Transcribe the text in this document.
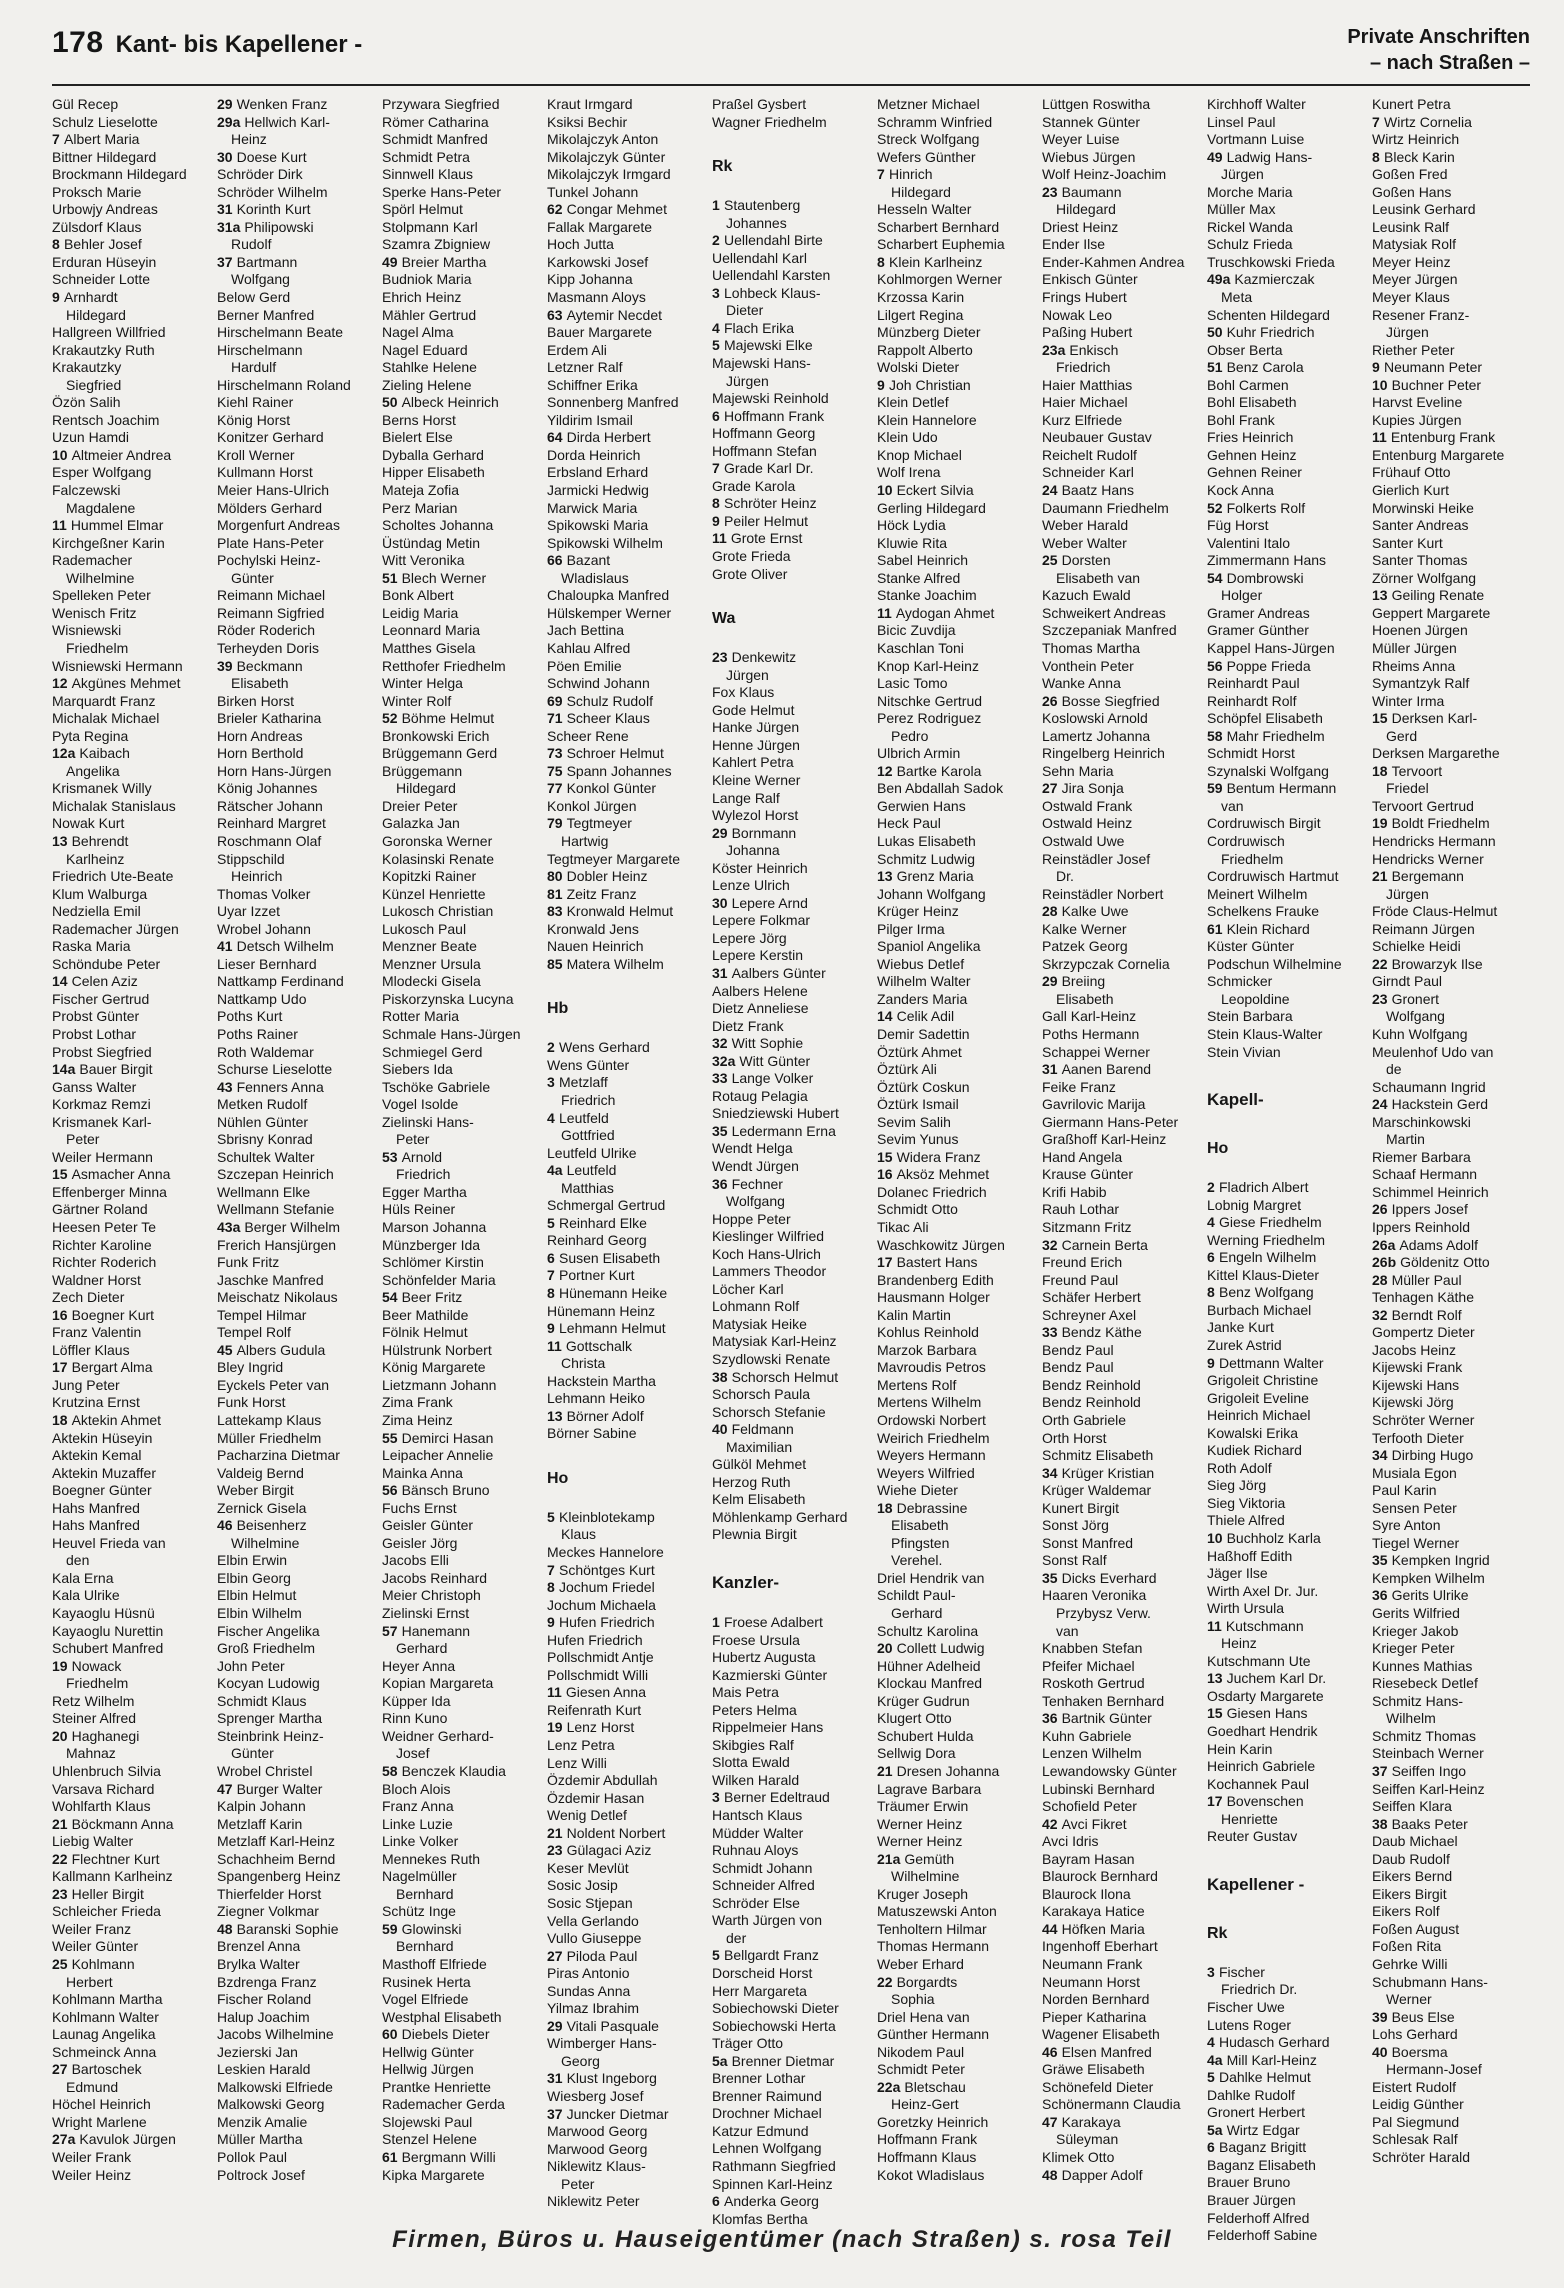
178 Kant- bis Kapellener -	Private Anschriften
– nach Straßen –
Gül Recep
Schulz Lieselotte
7 Albert Maria
Bittner Hildegard
Brockmann Hildegard
Proksch Marie
Urbowjy Andreas
Zülsdorf Klaus
8 Behler Josef
Erduran Hüseyin
Schneider Lotte
9 Arnhardt
Hildegard
Hallgreen Willfried
Krakautzky Ruth
Krakautzky
Siegfried
Özön Salih
Rentsch Joachim
Uzun Hamdi
10 Altmeier Andrea
Esper Wolfgang
Falczewski
Magdalene
11 Hummel Elmar
Kirchgeßner Karin
Rademacher
Wilhelmine
Spelleken Peter
Wenisch Fritz
Wisniewski
Friedhelm
Wisniewski Hermann
12 Akgünes Mehmet
Marquardt Franz
Michalak Michael
Pyta Regina
12a Kaibach
Angelika
Krismanek Willy
Michalak Stanislaus
Nowak Kurt
13 Behrendt
Karlheinz
Friedrich Ute-Beate
Klum Walburga
Nedziella Emil
Rademacher Jürgen
Raska Maria
Schöndube Peter
14 Celen Aziz
Fischer Gertrud
Probst Günter
Probst Lothar
Probst Siegfried
14a Bauer Birgit
Ganss Walter
Korkmaz Remzi
Krismanek Karl-
Peter
Weiler Hermann
15 Asmacher Anna
Effenberger Minna
Gärtner Roland
Heesen Peter Te
Richter Karoline
Richter Roderich
Waldner Horst
Zech Dieter
16 Boegner Kurt
Franz Valentin
Löffler Klaus
17 Bergart Alma
Jung Peter
Krutzina Ernst
18 Aktekin Ahmet
Aktekin Hüseyin
Aktekin Kemal
Aktekin Muzaffer
Boegner Günter
Hahs Manfred
Hahs Manfred
Heuvel Frieda van
den
Kala Erna
Kala Ulrike
Kayaoglu Hüsnü
Kayaoglu Nurettin
Schubert Manfred
19 Nowack
Friedhelm
Retz Wilhelm
Steiner Alfred
20 Haghanegi
Mahnaz
Uhlenbruch Silvia
Varsava Richard
Wohlfarth Klaus
21 Böckmann Anna
Liebig Walter
22 Flechtner Kurt
Kallmann Karlheinz
23 Heller Birgit
Schleicher Frieda
Weiler Franz
Weiler Günter
25 Kohlmann
Herbert
Kohlmann Martha
Kohlmann Walter
Launag Angelika
Schmeinck Anna
27 Bartoschek
Edmund
Höchel Heinrich
Wright Marlene
27a Kavulok Jürgen
Weiler Frank
Weiler Heinz
29 Wenken Franz
29a Hellwich Karl-
Heinz
30 Doese Kurt
Schröder Dirk
Schröder Wilhelm
31 Korinth Kurt
31a Philipowski
Rudolf
37 Bartmann
Wolfgang
Below Gerd
Berner Manfred
Hirschelmann Beate
Hirschelmann
Hardulf
Hirschelmann Roland
Kiehl Rainer
König Horst
Konitzer Gerhard
Kroll Werner
Kullmann Horst
Meier Hans-Ulrich
Mölders Gerhard
Morgenfurt Andreas
Plate Hans-Peter
Pochylski Heinz-
Günter
Reimann Michael
Reimann Sigfried
Röder Roderich
Terheyden Doris
39 Beckmann
Elisabeth
Birken Horst
Brieler Katharina
Horn Andreas
Horn Berthold
Horn Hans-Jürgen
König Johannes
Rätscher Johann
Reinhard Margret
Roschmann Olaf
Stippschild
Heinrich
Thomas Volker
Uyar Izzet
Wrobel Johann
41 Detsch Wilhelm
Lieser Bernhard
Nattkamp Ferdinand
Nattkamp Udo
Poths Kurt
Poths Rainer
Roth Waldemar
Schurse Lieselotte
43 Fenners Anna
Metken Rudolf
Nühlen Günter
Sbrisny Konrad
Schultek Walter
Szczepan Heinrich
Wellmann Elke
Wellmann Stefanie
43a Berger Wilhelm
Frerich Hansjürgen
Funk Fritz
Jaschke Manfred
Meischatz Nikolaus
Tempel Hilmar
Tempel Rolf
45 Albers Gudula
Bley Ingrid
Eyckels Peter van
Funk Horst
Lattekamp Klaus
Müller Friedhelm
Pacharzina Dietmar
Valdeig Bernd
Weber Birgit
Zernick Gisela
46 Beisenherz
Wilhelmine
Elbin Erwin
Elbin Georg
Elbin Helmut
Elbin Wilhelm
Fischer Angelika
Groß Friedhelm
John Peter
Kocyan Ludowig
Schmidt Klaus
Sprenger Martha
Steinbrink Heinz-
Günter
Wrobel Christel
47 Burger Walter
Kalpin Johann
Metzlaff Karin
Metzlaff Karl-Heinz
Schachheim Bernd
Spangenberg Heinz
Thierfelder Horst
Ziegner Volkmar
48 Baranski Sophie
Brenzel Anna
Brylka Walter
Bzdrenga Franz
Fischer Roland
Halup Joachim
Jacobs Wilhelmine
Jezierski Jan
Leskien Harald
Malkowski Elfriede
Malkowski Georg
Menzik Amalie
Müller Martha
Pollok Paul
Poltrock Josef
Przywara Siegfried
Römer Catharina
Schmidt Manfred
Schmidt Petra
Sinnwell Klaus
Sperke Hans-Peter
Spörl Helmut
Stolpmann Karl
Szamra Zbigniew
49 Breier Martha
Budniok Maria
Ehrich Heinz
Mähler Gertrud
Nagel Alma
Nagel Eduard
Stahlke Helene
Zieling Helene
50 Albeck Heinrich
Berns Horst
Bielert Else
Dyballa Gerhard
Hipper Elisabeth
Mateja Zofia
Perz Marian
Scholtes Johanna
Üstündag Metin
Witt Veronika
51 Blech Werner
Bonk Albert
Leidig Maria
Leonnard Maria
Matthes Gisela
Retthofer Friedhelm
Winter Helga
Winter Rolf
52 Böhme Helmut
Bronkowski Erich
Brüggemann Gerd
Brüggemann
Hildegard
Dreier Peter
Galazka Jan
Goronska Werner
Kolasinski Renate
Kopitzki Rainer
Künzel Henriette
Lukosch Christian
Lukosch Paul
Menzner Beate
Menzner Ursula
Mlodecki Gisela
Piskorzynska Lucyna
Rotter Maria
Schmale Hans-Jürgen
Schmiegel Gerd
Siebers Ida
Tschöke Gabriele
Vogel Isolde
Zielinski Hans-
Peter
53 Arnold
Friedrich
Egger Martha
Hüls Reiner
Marson Johanna
Münzberger Ida
Schlömer Kirstin
Schönfelder Maria
54 Beer Fritz
Beer Mathilde
Fölnik Helmut
Hülstrunk Norbert
König Margarete
Lietzmann Johann
Zima Frank
Zima Heinz
55 Demirci Hasan
Leipacher Annelie
Mainka Anna
56 Bänsch Bruno
Fuchs Ernst
Geisler Günter
Geisler Jörg
Jacobs Elli
Jacobs Reinhard
Meier Christoph
Zielinski Ernst
57 Hanemann
Gerhard
Heyer Anna
Kopian Margareta
Küpper Ida
Rinn Kuno
Weidner Gerhard-
Josef
58 Benczek Klaudia
Bloch Alois
Franz Anna
Linke Luzie
Linke Volker
Mennekes Ruth
Nagelmüller
Bernhard
Schütz Inge
59 Glowinski
Bernhard
Masthoff Elfriede
Rusinek Herta
Vogel Elfriede
Westphal Elisabeth
60 Diebels Dieter
Hellwig Günter
Hellwig Jürgen
Prantke Henriette
Rademacher Gerda
Slojewski Paul
Stenzel Helene
61 Bergmann Willi
Kipka Margarete
Kraut Irmgard
Ksiksi Bechir
Mikolajczyk Anton
Mikolajczyk Günter
Mikolajczyk Irmgard
Tunkel Johann
62 Congar Mehmet
Fallak Margarete
Hoch Jutta
Karkowski Josef
Kipp Johanna
Masmann Aloys
63 Aytemir Necdet
Bauer Margarete
Erdem Ali
Letzner Ralf
Schiffner Erika
Sonnenberg Manfred
Yildirim Ismail
64 Dirda Herbert
Dorda Heinrich
Erbsland Erhard
Jarmicki Hedwig
Marwick Maria
Spikowski Maria
Spikowski Wilhelm
66 Bazant
Wladislaus
Chaloupka Manfred
Hülskemper Werner
Jach Bettina
Kahlau Alfred
Pöen Emilie
Schwind Johann
69 Schulz Rudolf
71 Scheer Klaus
Scheer Rene
73 Schroer Helmut
75 Spann Johannes
77 Konkol Günter
Konkol Jürgen
79 Tegtmeyer
Hartwig
Tegtmeyer Margarete
80 Dobler Heinz
81 Zeitz Franz
83 Kronwald Helmut
Kronwald Jens
Nauen Heinrich
85 Matera Wilhelm
Hb
2 Wens Gerhard
Wens Günter
3 Metzlaff
Friedrich
4 Leutfeld
Gottfried
Leutfeld Ulrike
4a Leutfeld
Matthias
Schmergal Gertrud
5 Reinhard Elke
Reinhard Georg
6 Susen Elisabeth
7 Portner Kurt
8 Hünemann Heike
Hünemann Heinz
9 Lehmann Helmut
11 Gottschalk
Christa
Hackstein Martha
Lehmann Heiko
13 Börner Adolf
Börner Sabine
Ho
5 Kleinblotekamp
Klaus
Meckes Hannelore
7 Schöntges Kurt
8 Jochum Friedel
Jochum Michaela
9 Hufen Friedrich
Hufen Friedrich
Pollschmidt Antje
Pollschmidt Willi
11 Giesen Anna
Reifenrath Kurt
19 Lenz Horst
Lenz Petra
Lenz Willi
Özdemir Abdullah
Özdemir Hasan
Wenig Detlef
21 Noldent Norbert
23 Gülagaci Aziz
Keser Mevlüt
Sosic Josip
Sosic Stjepan
Vella Gerlando
Vullo Giuseppe
27 Piloda Paul
Piras Antonio
Sundas Anna
Yilmaz Ibrahim
29 Vitali Pasquale
Wimberger Hans-
Georg
31 Klust Ingeborg
Wiesberg Josef
37 Juncker Dietmar
Marwood Georg
Marwood Georg
Niklewitz Klaus-
Peter
Niklewitz Peter
Praßel Gysbert
Wagner Friedhelm
Rk
1 Stautenberg
Johannes
2 Uellendahl Birte
Uellendahl Karl
Uellendahl Karsten
3 Lohbeck Klaus-
Dieter
4 Flach Erika
5 Majewski Elke
Majewski Hans-
Jürgen
Majewski Reinhold
6 Hoffmann Frank
Hoffmann Georg
Hoffmann Stefan
7 Grade Karl Dr.
Grade Karola
8 Schröter Heinz
9 Peiler Helmut
11 Grote Ernst
Grote Frieda
Grote Oliver
Wa
23 Denkewitz
Jürgen
Fox Klaus
Gode Helmut
Hanke Jürgen
Henne Jürgen
Kahlert Petra
Kleine Werner
Lange Ralf
Wylezol Horst
29 Bornmann
Johanna
Köster Heinrich
Lenze Ulrich
30 Lepere Arnd
Lepere Folkmar
Lepere Jörg
Lepere Kerstin
31 Aalbers Günter
Aalbers Helene
Dietz Anneliese
Dietz Frank
32 Witt Sophie
32a Witt Günter
33 Lange Volker
Rotaug Pelagia
Sniedziewski Hubert
35 Ledermann Erna
Wendt Helga
Wendt Jürgen
36 Fechner
Wolfgang
Hoppe Peter
Kieslinger Wilfried
Koch Hans-Ulrich
Lammers Theodor
Löcher Karl
Lohmann Rolf
Matysiak Heike
Matysiak Karl-Heinz
Szydlowski Renate
38 Schorsch Helmut
Schorsch Paula
Schorsch Stefanie
40 Feldmann
Maximilian
Gülköl Mehmet
Herzog Ruth
Kelm Elisabeth
Möhlenkamp Gerhard
Plewnia Birgit
Kanzler-
1 Froese Adalbert
Froese Ursula
Hubertz Augusta
Kazmierski Günter
Mais Petra
Peters Helma
Rippelmeier Hans
Skibgies Ralf
Slotta Ewald
Wilken Harald
3 Berner Edeltraud
Hantsch Klaus
Müdder Walter
Ruhnau Aloys
Schmidt Johann
Schneider Alfred
Schröder Else
Warth Jürgen von
der
5 Bellgardt Franz
Dorscheid Horst
Herr Margareta
Sobiechowski Dieter
Sobiechowski Herta
Träger Otto
5a Brenner Dietmar
Brenner Lothar
Brenner Raimund
Drochner Michael
Katzur Edmund
Lehnen Wolfgang
Rathmann Siegfried
Spinnen Karl-Heinz
6 Anderka Georg
Klomfas Bertha
Metzner Michael
Schramm Winfried
Streck Wolfgang
Wefers Günther
7 Hinrich
Hildegard
Hesseln Walter
Scharbert Bernhard
Scharbert Euphemia
8 Klein Karlheinz
Kohlmorgen Werner
Krzossa Karin
Lilgert Regina
Münzberg Dieter
Rappolt Alberto
Wolski Dieter
9 Joh Christian
Klein Detlef
Klein Hannelore
Klein Udo
Knop Michael
Wolf Irena
10 Eckert Silvia
Gerling Hildegard
Höck Lydia
Kluwie Rita
Sabel Heinrich
Stanke Alfred
Stanke Joachim
11 Aydogan Ahmet
Bicic Zuvdija
Kaschlan Toni
Knop Karl-Heinz
Lasic Tomo
Nitschke Gertrud
Perez Rodriguez
Pedro
Ulbrich Armin
12 Bartke Karola
Ben Abdallah Sadok
Gerwien Hans
Heck Paul
Lukas Elisabeth
Schmitz Ludwig
13 Grenz Maria
Johann Wolfgang
Krüger Heinz
Pilger Irma
Spaniol Angelika
Wiebus Detlef
Wilhelm Walter
Zanders Maria
14 Celik Adil
Demir Sadettin
Öztürk Ahmet
Öztürk Ali
Öztürk Coskun
Öztürk Ismail
Sevim Salih
Sevim Yunus
15 Widera Franz
16 Aksöz Mehmet
Dolanec Friedrich
Schmidt Otto
Tikac Ali
Waschkowitz Jürgen
17 Bastert Hans
Brandenberg Edith
Hausmann Holger
Kalin Martin
Kohlus Reinhold
Marzok Barbara
Mavroudis Petros
Mertens Rolf
Mertens Wilhelm
Ordowski Norbert
Weirich Friedhelm
Weyers Hermann
Weyers Wilfried
Wiehe Dieter
18 Debrassine
Elisabeth
Pfingsten
Verehel.
Driel Hendrik van
Schildt Paul-
Gerhard
Schultz Karolina
20 Collett Ludwig
Hühner Adelheid
Klockau Manfred
Krüger Gudrun
Klugert Otto
Schubert Hulda
Sellwig Dora
21 Dresen Johanna
Lagrave Barbara
Träumer Erwin
Werner Heinz
Werner Heinz
21a Gemüth
Wilhelmine
Kruger Joseph
Matuszewski Anton
Tenholtern Hilmar
Thomas Hermann
Weber Erhard
22 Borgardts
Sophia
Driel Hena van
Günther Hermann
Nikodem Paul
Schmidt Peter
22a Bletschau
Heinz-Gert
Goretzky Heinrich
Hoffmann Frank
Hoffmann Klaus
Kokot Wladislaus
Lüttgen Roswitha
Stannek Günter
Weyer Luise
Wiebus Jürgen
Wolf Heinz-Joachim
23 Baumann
Hildegard
Driest Heinz
Ender Ilse
Ender-Kahmen Andrea
Enkisch Günter
Frings Hubert
Nowak Leo
Paßing Hubert
23a Enkisch
Friedrich
Haier Matthias
Haier Michael
Kurz Elfriede
Neubauer Gustav
Reichelt Rudolf
Schneider Karl
24 Baatz Hans
Daumann Friedhelm
Weber Harald
Weber Walter
25 Dorsten
Elisabeth van
Kazuch Ewald
Schweikert Andreas
Szczepaniak Manfred
Thomas Martha
Vonthein Peter
Wanke Anna
26 Bosse Siegfried
Koslowski Arnold
Lamertz Johanna
Ringelberg Heinrich
Sehn Maria
27 Jira Sonja
Ostwald Frank
Ostwald Heinz
Ostwald Uwe
Reinstädler Josef
Dr.
Reinstädler Norbert
28 Kalke Uwe
Kalke Werner
Patzek Georg
Skrzypczak Cornelia
29 Breiing
Elisabeth
Gall Karl-Heinz
Poths Hermann
Schappei Werner
31 Aanen Barend
Feike Franz
Gavrilovic Marija
Giermann Hans-Peter
Graßhoff Karl-Heinz
Hand Angela
Krause Günter
Krifi Habib
Rauh Lothar
Sitzmann Fritz
32 Carnein Berta
Freund Erich
Freund Paul
Schäfer Herbert
Schreyner Axel
33 Bendz Käthe
Bendz Paul
Bendz Paul
Bendz Reinhold
Bendz Reinhold
Orth Gabriele
Orth Horst
Schmitz Elisabeth
34 Krüger Kristian
Krüger Waldemar
Kunert Birgit
Sonst Jörg
Sonst Manfred
Sonst Ralf
35 Dicks Everhard
Haaren Veronika
Przybysz Verw.
van
Knabben Stefan
Pfeifer Michael
Roskoth Gertrud
Tenhaken Bernhard
36 Bartnik Günter
Kuhn Gabriele
Lenzen Wilhelm
Lewandowsky Günter
Lubinski Bernhard
Schofield Peter
42 Avci Fikret
Avci Idris
Bayram Hasan
Blaurock Bernhard
Blaurock Ilona
Karakaya Hatice
44 Höfken Maria
Ingenhoff Eberhart
Neumann Frank
Neumann Horst
Norden Bernhard
Pieper Katharina
Wagener Elisabeth
46 Elsen Manfred
Gräwe Elisabeth
Schönefeld Dieter
Schönermann Claudia
47 Karakaya
Süleyman
Klimek Otto
48 Dapper Adolf
Kirchhoff Walter
Linsel Paul
Vortmann Luise
49 Ladwig Hans-
Jürgen
Morche Maria
Müller Max
Rickel Wanda
Schulz Frieda
Truschkowski Frieda
49a Kazmierczak
Meta
Schenten Hildegard
50 Kuhr Friedrich
Obser Berta
51 Benz Carola
Bohl Carmen
Bohl Elisabeth
Bohl Frank
Fries Heinrich
Gehnen Heinz
Gehnen Reiner
Kock Anna
52 Folkerts Rolf
Füg Horst
Valentini Italo
Zimmermann Hans
54 Dombrowski
Holger
Gramer Andreas
Gramer Günther
Kappel Hans-Jürgen
56 Poppe Frieda
Reinhardt Paul
Reinhardt Rolf
Schöpfel Elisabeth
58 Mahr Friedhelm
Schmidt Horst
Szynalski Wolfgang
59 Bentum Hermann
van
Cordruwisch Birgit
Cordruwisch
Friedhelm
Cordruwisch Hartmut
Meinert Wilhelm
Schelkens Frauke
61 Klein Richard
Küster Günter
Podschun Wilhelmine
Schmicker
Leopoldine
Stein Barbara
Stein Klaus-Walter
Stein Vivian
Kapell-
Ho
2 Fladrich Albert
Lobnig Margret
4 Giese Friedhelm
Werning Friedhelm
6 Engeln Wilhelm
Kittel Klaus-Dieter
8 Benz Wolfgang
Burbach Michael
Janke Kurt
Zurek Astrid
9 Dettmann Walter
Grigoleit Christine
Grigoleit Eveline
Heinrich Michael
Kowalski Erika
Kudiek Richard
Roth Adolf
Sieg Jörg
Sieg Viktoria
Thiele Alfred
10 Buchholz Karla
Haßhoff Edith
Jäger Ilse
Wirth Axel Dr. Jur.
Wirth Ursula
11 Kutschmann
Heinz
Kutschmann Ute
13 Juchem Karl Dr.
Osdarty Margarete
15 Giesen Hans
Goedhart Hendrik
Hein Karin
Heinrich Gabriele
Kochannek Paul
17 Bovenschen
Henriette
Reuter Gustav
Kapellener -
Rk
3 Fischer
Friedrich Dr.
Fischer Uwe
Lutens Roger
4 Hudasch Gerhard
4a Mill Karl-Heinz
5 Dahlke Helmut
Dahlke Rudolf
Gronert Herbert
5a Wirtz Edgar
6 Baganz Brigitt
Baganz Elisabeth
Brauer Bruno
Brauer Jürgen
Felderhoff Alfred
Felderhoff Sabine
Kunert Petra
7 Wirtz Cornelia
Wirtz Heinrich
8 Bleck Karin
Goßen Fred
Goßen Hans
Leusink Gerhard
Leusink Ralf
Matysiak Rolf
Meyer Heinz
Meyer Jürgen
Meyer Klaus
Resener Franz-
Jürgen
Riether Peter
9 Neumann Peter
10 Buchner Peter
Harvst Eveline
Kupies Jürgen
11 Entenburg Frank
Entenburg Margarete
Frühauf Otto
Gierlich Kurt
Morwinski Heike
Santer Andreas
Santer Kurt
Santer Thomas
Zörner Wolfgang
13 Geiling Renate
Geppert Margarete
Hoenen Jürgen
Müller Jürgen
Rheims Anna
Symantzyk Ralf
Winter Irma
15 Derksen Karl-
Gerd
Derksen Margarethe
18 Tervoort
Friedel
Tervoort Gertrud
19 Boldt Friedhelm
Hendricks Hermann
Hendricks Werner
21 Bergemann
Jürgen
Fröde Claus-Helmut
Reimann Jürgen
Schielke Heidi
22 Browarzyk Ilse
Girndt Paul
23 Gronert
Wolfgang
Kuhn Wolfgang
Meulenhof Udo van
de
Schaumann Ingrid
24 Hackstein Gerd
Marschinkowski
Martin
Riemer Barbara
Schaaf Hermann
Schimmel Heinrich
26 Ippers Josef
Ippers Reinhold
26a Adams Adolf
26b Göldenitz Otto
28 Müller Paul
Tenhagen Käthe
32 Berndt Rolf
Gompertz Dieter
Jacobs Heinz
Kijewski Frank
Kijewski Hans
Kijewski Jörg
Schröter Werner
Terfooth Dieter
34 Dirbing Hugo
Musiala Egon
Paul Karin
Sensen Peter
Syre Anton
Tiegel Werner
35 Kempken Ingrid
Kempken Wilhelm
36 Gerits Ulrike
Gerits Wilfried
Krieger Jakob
Krieger Peter
Kunnes Mathias
Riesebeck Detlef
Schmitz Hans-
Wilhelm
Schmitz Thomas
Steinbach Werner
37 Seiffen Ingo
Seiffen Karl-Heinz
Seiffen Klara
38 Baaks Peter
Daub Michael
Daub Rudolf
Eikers Bernd
Eikers Birgit
Eikers Rolf
Foßen August
Foßen Rita
Gehrke Willi
Schubmann Hans-
Werner
39 Beus Else
Lohs Gerhard
40 Boersma
Hermann-Josef
Eistert Rudolf
Leidig Günther
Pal Siegmund
Schlesak Ralf
Schröter Harald
Firmen, Büros u. Hauseigentümer (nach Straßen) s. rosa Teil
